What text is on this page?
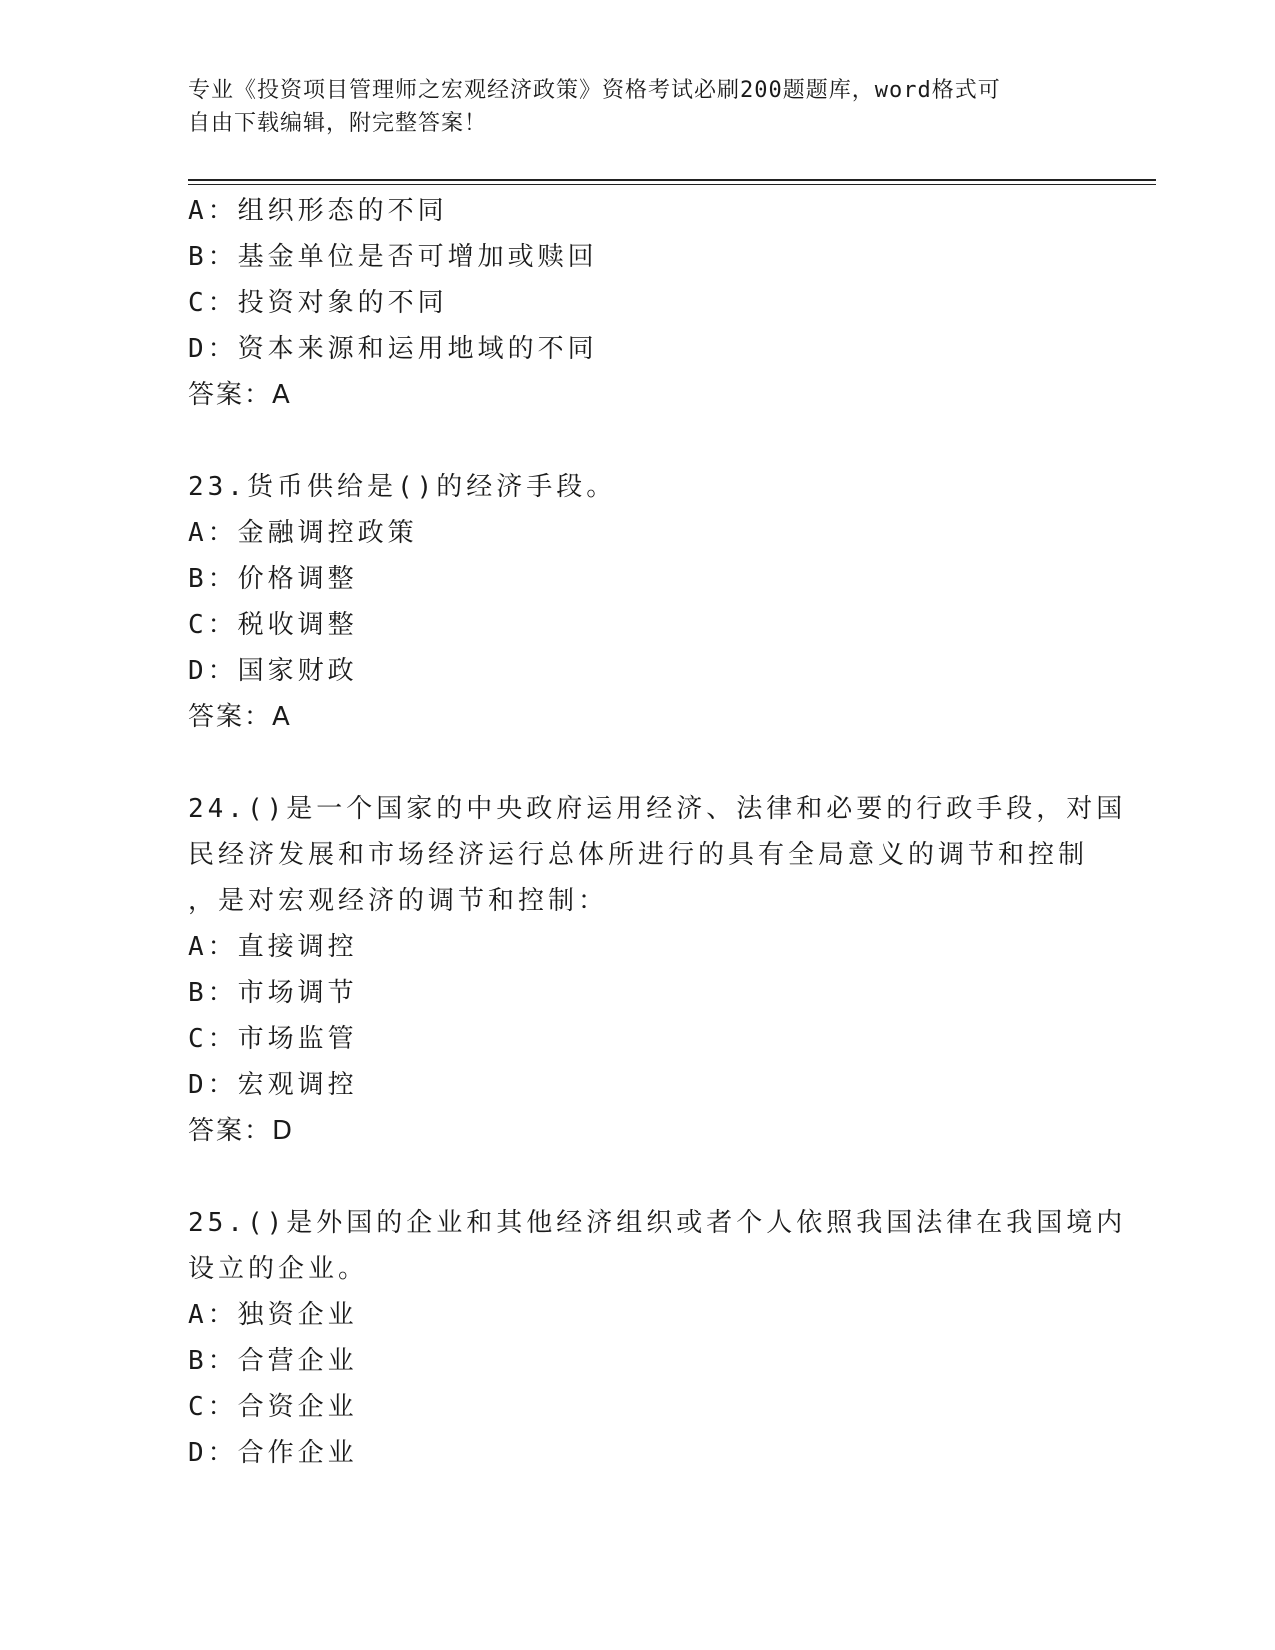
专业《投资项目管理师之宏观经济政策》资格考试必刷200题题库，word格式可
自由下载编辑，附完整答案！
A：组织形态的不同
B：基金单位是否可增加或赎回
C：投资对象的不同
D：资本来源和运用地域的不同
答案：A
23.货币供给是()的经济手段。
A：金融调控政策
B：价格调整
C：税收调整
D：国家财政
答案：A
24.()是一个国家的中央政府运用经济、法律和必要的行政手段，对国
民经济发展和市场经济运行总体所进行的具有全局意义的调节和控制
，是对宏观经济的调节和控制：
A：直接调控
B：市场调节
C：市场监管
D：宏观调控
答案：D
25.()是外国的企业和其他经济组织或者个人依照我国法律在我国境内
设立的企业。
A：独资企业
B：合营企业
C：合资企业
D：合作企业
